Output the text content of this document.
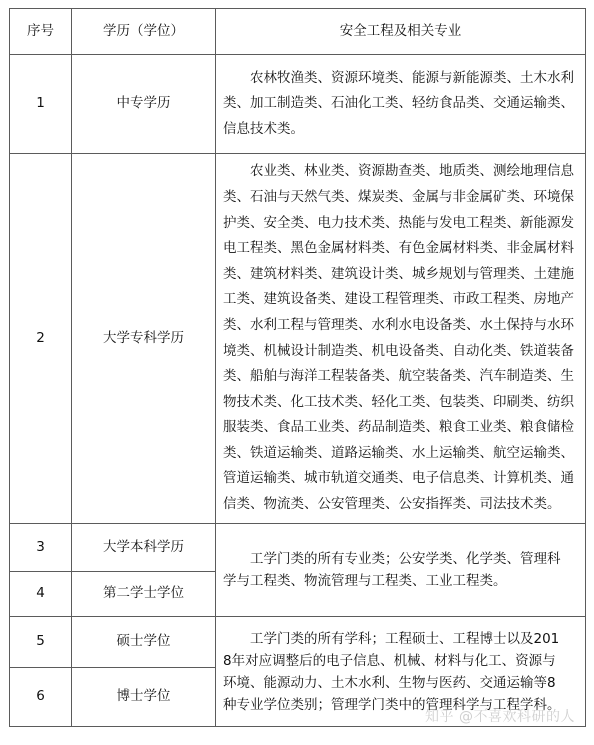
序号	学历（学位）	安全工程及相关专业
1	中专学历	农林牧渔类、资源环境类、能源与新能源类、土木水利类、加工制造类、石油化工类、轻纺食品类、交通运输类、信息技术类。

2	大学专科学历	农业类、林业类、资源勘查类、地质类、测绘地理信息类、石油与天然气类、煤炭类、金属与非金属矿类、环境保护类、安全类、电力技术类、热能与发电工程类、新能源发电工程类、黑色金属材料类、有色金属材料类、非金属材料类、建筑材料类、建筑设计类、城乡规划与管理类、土建施工类、建筑设备类、建设工程管理类、市政工程类、房地产类、水利工程与管理类、水利水电设备类、水土保持与水环境类、机械设计制造类、机电设备类、自动化类、铁道装备类、船舶与海洋工程装备类、航空装备类、汽车制造类、生物技术类、化工技术类、轻化工类、包装类、印刷类、纺织服装类、食品工业类、药品制造类、粮食工业类、粮食储检类、铁道运输类、道路运输类、水上运输类、航空运输类、管道运输类、城市轨道交通类、电子信息类、计算机类、通信类、物流类、公安管理类、公安指挥类、司法技术类。

3	大学本科学历	工学门类的所有专业类；公安学类、化学类、管理科学与工程类、物流管理与工程类、工业工程类。

4	第二学士学位	
5	硕士学位	工学门类的所有学科；工程硕士、工程博士以及2018年对应调整后的电子信息、机械、材料与化工、资源与环境、能源动力、土木水利、生物与医药、交通运输等8种专业学位类别；管理学门类中的管理科学与工程学科。

6	博士学位	
知乎 @不喜欢科研的人
